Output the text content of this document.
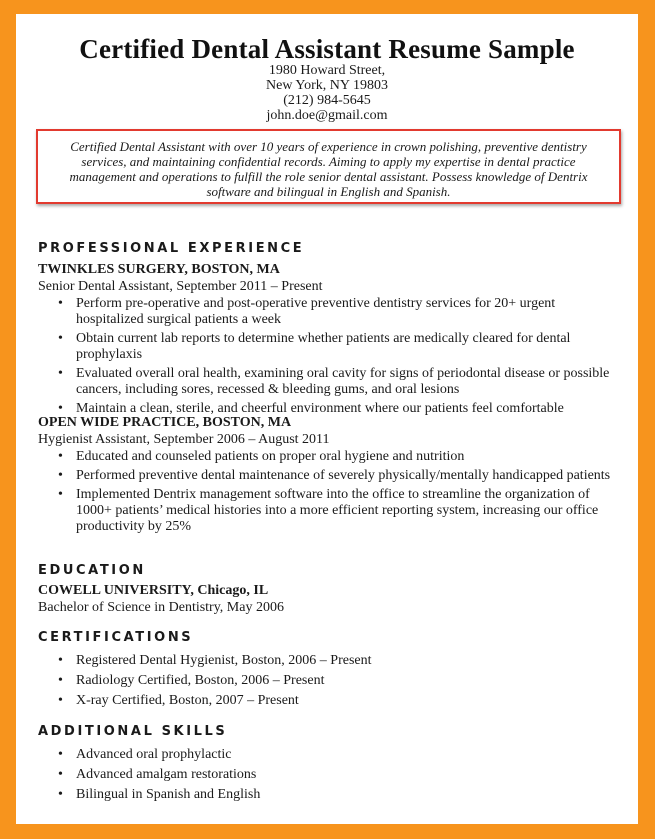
Certified Dental Assistant Resume Sample
1980 Howard Street,
New York, NY 19803
(212) 984-5645
john.doe@gmail.com
Certified Dental Assistant with over 10 years of experience in crown polishing, preventive dentistry services, and maintaining confidential records. Aiming to apply my expertise in dental practice management and operations to fulfill the role senior dental assistant. Possess knowledge of Dentrix software and bilingual in English and Spanish.
PROFESSIONAL EXPERIENCE
TWINKLES SURGERY, BOSTON, MA
Senior Dental Assistant, September 2011 – Present
• Perform pre-operative and post-operative preventive dentistry services for 20+ urgent hospitalized surgical patients a week
• Obtain current lab reports to determine whether patients are medically cleared for dental prophylaxis
• Evaluated overall oral health, examining oral cavity for signs of periodontal disease or possible cancers, including sores, recessed & bleeding gums, and oral lesions
• Maintain a clean, sterile, and cheerful environment where our patients feel comfortable
OPEN WIDE PRACTICE, BOSTON, MA
Hygienist Assistant, September 2006 – August 2011
• Educated and counseled patients on proper oral hygiene and nutrition
• Performed preventive dental maintenance of severely physically/mentally handicapped patients
• Implemented Dentrix management software into the office to streamline the organization of 1000+ patients’ medical histories into a more efficient reporting system, increasing our office productivity by 25%
EDUCATION
COWELL UNIVERSITY, Chicago, IL
Bachelor of Science in Dentistry, May 2006
CERTIFICATIONS
• Registered Dental Hygienist, Boston, 2006 – Present
• Radiology Certified, Boston, 2006 – Present
• X-ray Certified, Boston, 2007 – Present
ADDITIONAL SKILLS
• Advanced oral prophylactic
• Advanced amalgam restorations
• Bilingual in Spanish and English
